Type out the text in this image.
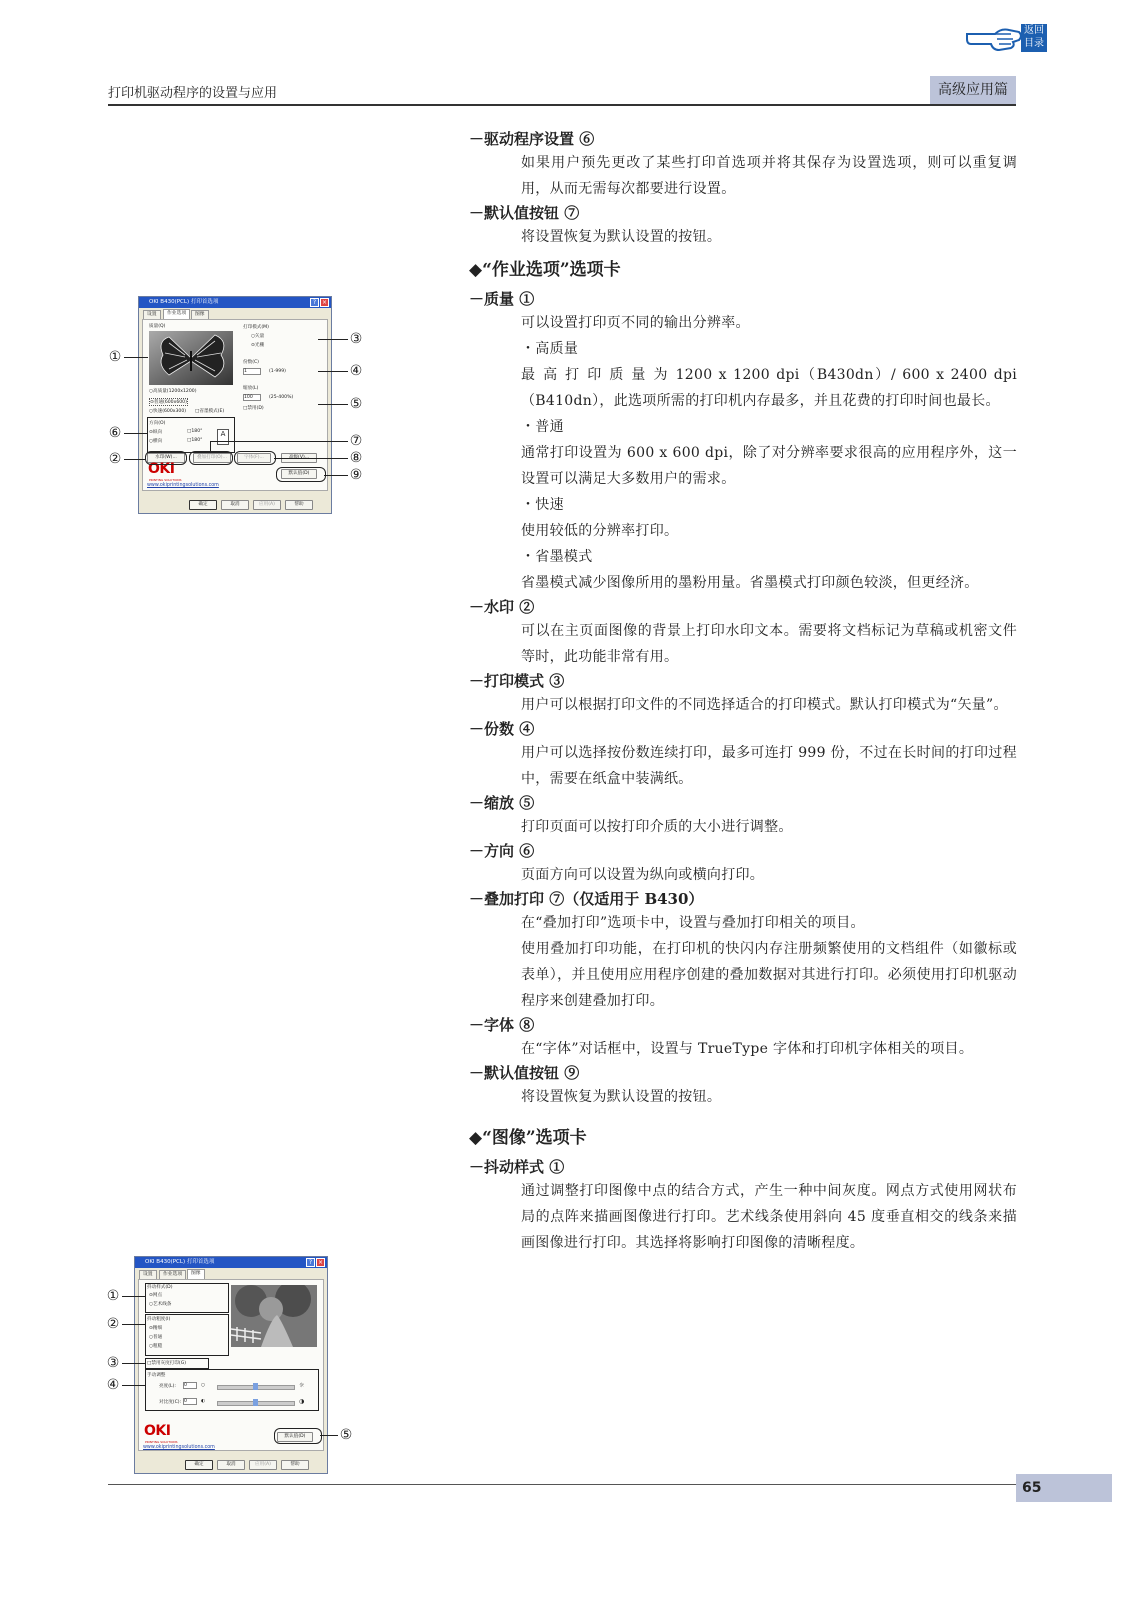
返回
目录
打印机驱动程序的设置与应用	高级应用篇

－驱动程序设置 ⑥

如果用户预先更改了某些打印首选项并将其保存为设置选项，则可以重复调用，从而无需每次都要进行设置。

－默认值按钮 ⑦

将设置恢复为默认设置的按钮。

◆“作业选项”选项卡

－质量 ①

可以设置打印页不同的输出分辨率。

・高质量

最 高 打 印 质 量 为 1200 x 1200 dpi（B430dn）/ 600 x 2400 dpi（B410dn），此选项所需的打印机内存最多，并且花费的打印时间也最长。

・普通

通常打印设置为 600 x 600 dpi，除了对分辨率要求很高的应用程序外，这一设置可以满足大多数用户的需求。

・快速

使用较低的分辨率打印。

・省墨模式

省墨模式减少图像所用的墨粉用量。省墨模式打印颜色较淡，但更经济。

－水印 ②

可以在主页面图像的背景上打印水印文本。需要将文档标记为草稿或机密文件等时，此功能非常有用。

－打印模式 ③

用户可以根据打印文件的不同选择适合的打印模式。默认打印模式为“矢量”。

－份数 ④

用户可以选择按份数连续打印，最多可连打 999 份，不过在长时间的打印过程中，需要在纸盒中装满纸。

－缩放 ⑤

打印页面可以按打印介质的大小进行调整。

－方向 ⑥

页面方向可以设置为纵向或横向打印。

－叠加打印 ⑦（仅适用于 B430）

在“叠加打印”选项卡中，设置与叠加打印相关的项目。

使用叠加打印功能，在打印机的快闪内存注册频繁使用的文档组件（如徽标或表单），并且使用应用程序创建的叠加数据对其进行打印。必须使用打印机驱动程序来创建叠加打印。

－字体 ⑧

在“字体”对话框中，设置与 TrueType 字体和打印机字体相关的项目。

－默认值按钮 ⑨

将设置恢复为默认设置的按钮。

◆“图像”选项卡

－抖动样式 ①

通过调整打印图像中点的结合方式，产生一种中间灰度。网点方式使用网状布局的点阵来描画图像进行打印。艺术线条使用斜向 45 度垂直相交的线条来描画图像进行打印。其选择将影响打印图像的清晰程度。

OKI B430(PCL) 打印首选项	? ×
设置	作业选项	图像
质量(Q)
○高质量(1200x1200)
⊙普通(600x600)
○快速(600x300) □省墨模式(E)
打印模式(M)
○矢量
⊙光栅
份数(C)
1	(1-999)
缩放(L)
100	(25-400%)
□禁用(D)
方向(O)
⊙纵向
○横向
□180°
□180°
A
水印(W)...	叠加打印(O)...	字体(F)...
默认值(D)
OKI
PRINTING SOLUTIONS
www.okiprintingsolutions.com
确定	取消	应用(A)	帮助
①
⑥
②
③
④
⑤
⑦
⑧
⑨
OKI B430(PCL) 打印首选项	? ×
设置	作业选项	图像
抖动样式(D)
⊙网点
○艺术线条
抖动粗度(I)
⊙精细
○普通
○粗糙
□禁用灰度打印(G)
手动调整
亮度(L): 0	○	☼
对比度(C): 0	◐	◑
OKI
PRINTING SOLUTIONS
www.okiprintingsolutions.com
默认值(D)
确定	取消	应用(A)	帮助
①
②
③
④
⑤
65
